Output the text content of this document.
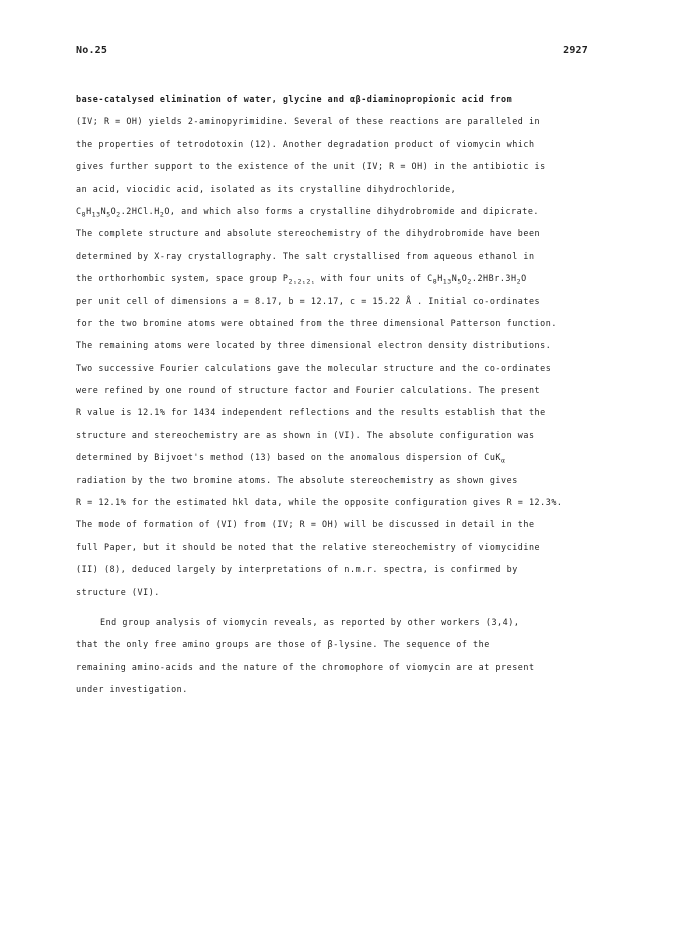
No.25	2927
base-catalysed elimination of water, glycine and αβ-diaminopropionic acid from
(IV; R = OH) yields 2-aminopyrimidine. Several of these reactions are paralleled in
the properties of tetrodotoxin (12). Another degradation product of viomycin which
gives further support to the existence of the unit (IV; R = OH) in the antibiotic is
an acid, viocidic acid, isolated as its crystalline dihydrochloride,
$C_8H_{13}N_5O_2.2HCl.H_2O$, and which also forms a crystalline dihydrobromide and dipicrate.
The complete structure and absolute stereochemistry of the dihydrobromide have been
determined by X-ray crystallography. The salt crystallised from aqueous ethanol in
the orthorhombic system, space group $P_{2_12_12_1}$ with four units of $C_8H_{13}N_5O_2.2HBr.3H_2O$
per unit cell of dimensions a = 8.17, b = 12.17, c = 15.22 Å . Initial co-ordinates
for the two bromine atoms were obtained from the three dimensional Patterson function.
The remaining atoms were located by three dimensional electron density distributions.
Two successive Fourier calculations gave the molecular structure and the co-ordinates
were refined by one round of structure factor and Fourier calculations. The present
R value is 12.1% for 1434 independent reflections and the results establish that the
structure and stereochemistry are as shown in (VI). The absolute configuration was
determined by Bijvoet's method (13) based on the anomalous dispersion of CuK$_\alpha$
radiation by the two bromine atoms. The absolute stereochemistry as shown gives
R = 12.1% for the estimated hkl data, while the opposite configuration gives R = 12.3%.
The mode of formation of (VI) from (IV; R = OH) will be discussed in detail in the
full Paper, but it should be noted that the relative stereochemistry of viomycidine
(II) (8), deduced largely by interpretations of n.m.r. spectra, is confirmed by
structure (VI).
End group analysis of viomycin reveals, as reported by other workers (3,4),
that the only free amino groups are those of β-lysine. The sequence of the
remaining amino-acids and the nature of the chromophore of viomycin are at present
under investigation.
